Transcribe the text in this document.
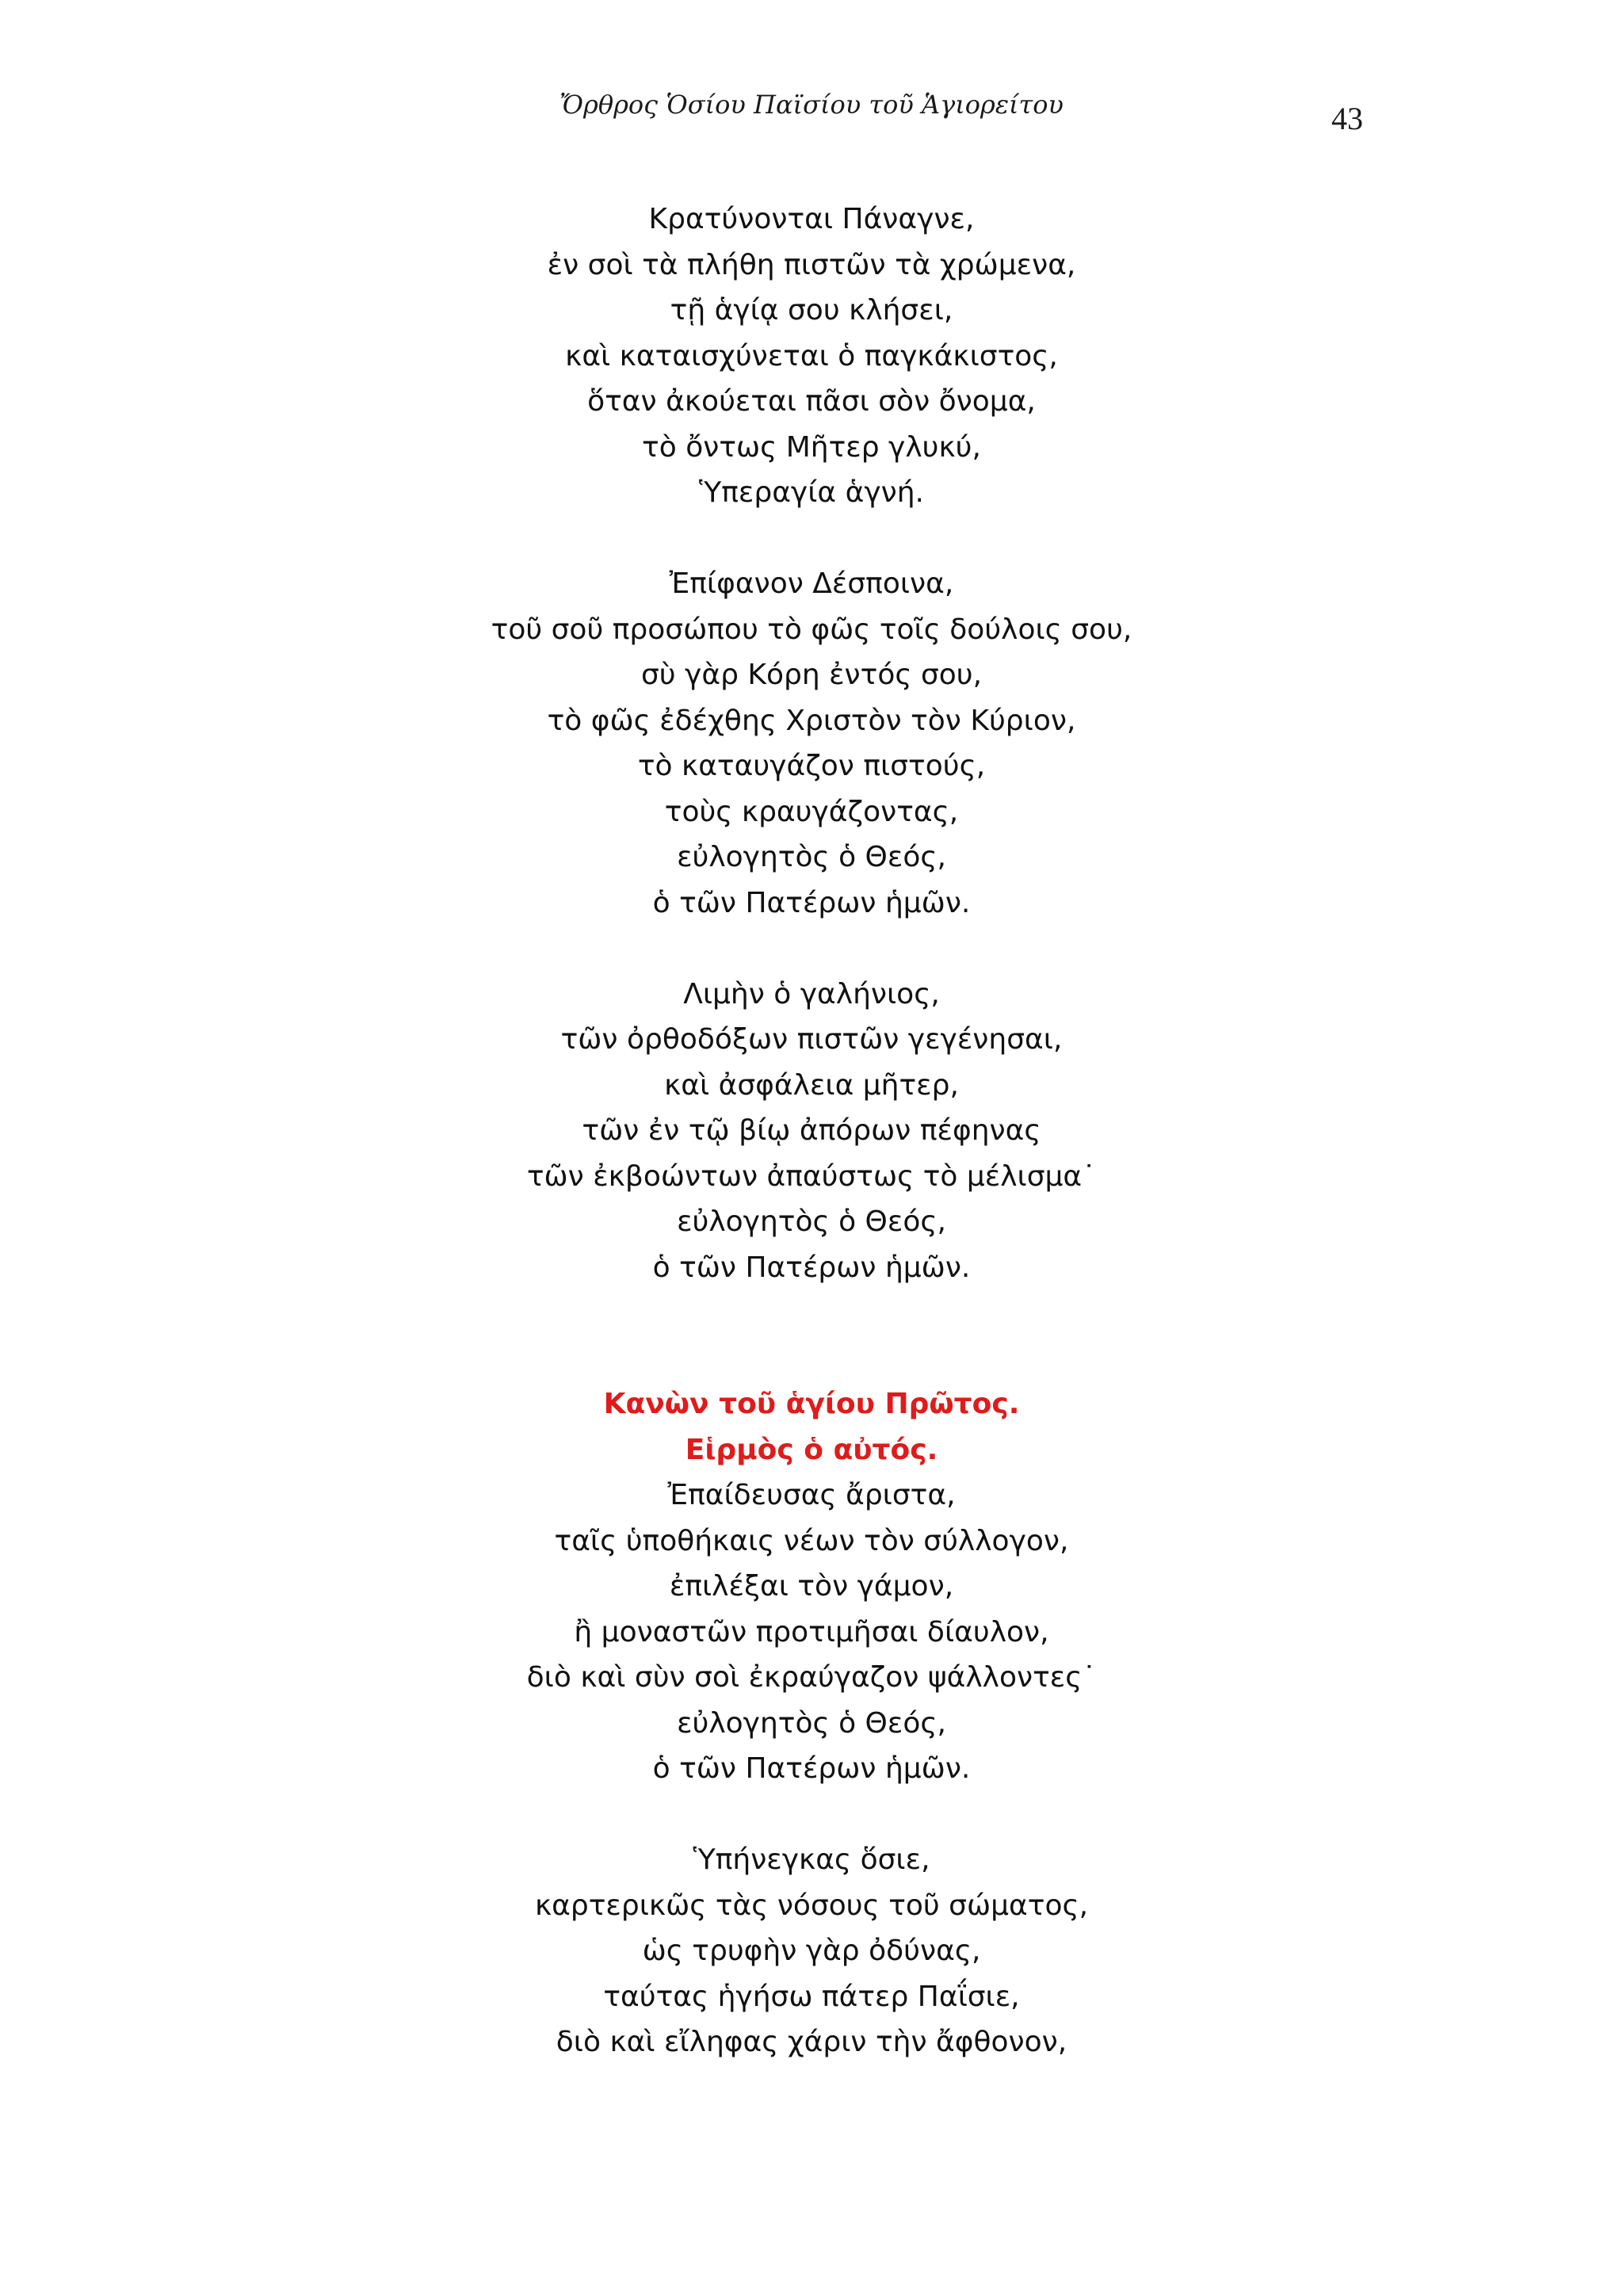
Ὄρθρος Ὁσίου Παϊσίου τοῦ Ἁγιορείτου	43
Κρατύνονται Πάναγνε,
ἐν σοὶ τὰ πλήθη πιστῶν τὰ χρώμενα,
τῇ ἁγίᾳ σου κλήσει,
καὶ καταισχύνεται ὁ παγκάκιστος,
ὅταν ἀκούεται πᾶσι σὸν ὄνομα,
τὸ ὄντως Μῆτερ γλυκύ,
Ὑπεραγία ἁγνή.
Ἐπίφανον Δέσποινα,
τοῦ σοῦ προσώπου τὸ φῶς τοῖς δούλοις σου,
σὺ γὰρ Κόρη ἐντός σου,
τὸ φῶς ἐδέχθης Χριστὸν τὸν Κύριον,
τὸ καταυγάζον πιστούς,
τοὺς κραυγάζοντας,
εὐλογητὸς ὁ Θεός,
ὁ τῶν Πατέρων ἡμῶν.
Λιμὴν ὁ γαλήνιος,
τῶν ὀρθοδόξων πιστῶν γεγένησαι,
καὶ ἀσφάλεια μῆτερ,
τῶν ἐν τῷ βίῳ ἀπόρων πέφηνας
τῶν ἐκβοώντων ἀπαύστως τὸ μέλισμα˙
εὐλογητὸς ὁ Θεός,
ὁ τῶν Πατέρων ἡμῶν.
Κανὼν τοῦ ἁγίου Πρῶτος.
Εἱρμὸς ὁ αὐτός.
Ἐπαίδευσας ἄριστα,
ταῖς ὑποθήκαις νέων τὸν σύλλογον,
ἐπιλέξαι τὸν γάμον,
ἢ μοναστῶν προτιμῆσαι δίαυλον,
διὸ καὶ σὺν σοὶ ἐκραύγαζον ψάλλοντες˙
εὐλογητὸς ὁ Θεός,
ὁ τῶν Πατέρων ἡμῶν.
Ὑπήνεγκας ὅσιε,
καρτερικῶς τὰς νόσους τοῦ σώματος,
ὡς τρυφὴν γὰρ ὀδύνας,
ταύτας ἡγήσω πάτερ Παΐσιε,
διὸ καὶ εἴληφας χάριν τὴν ἄφθονον,
